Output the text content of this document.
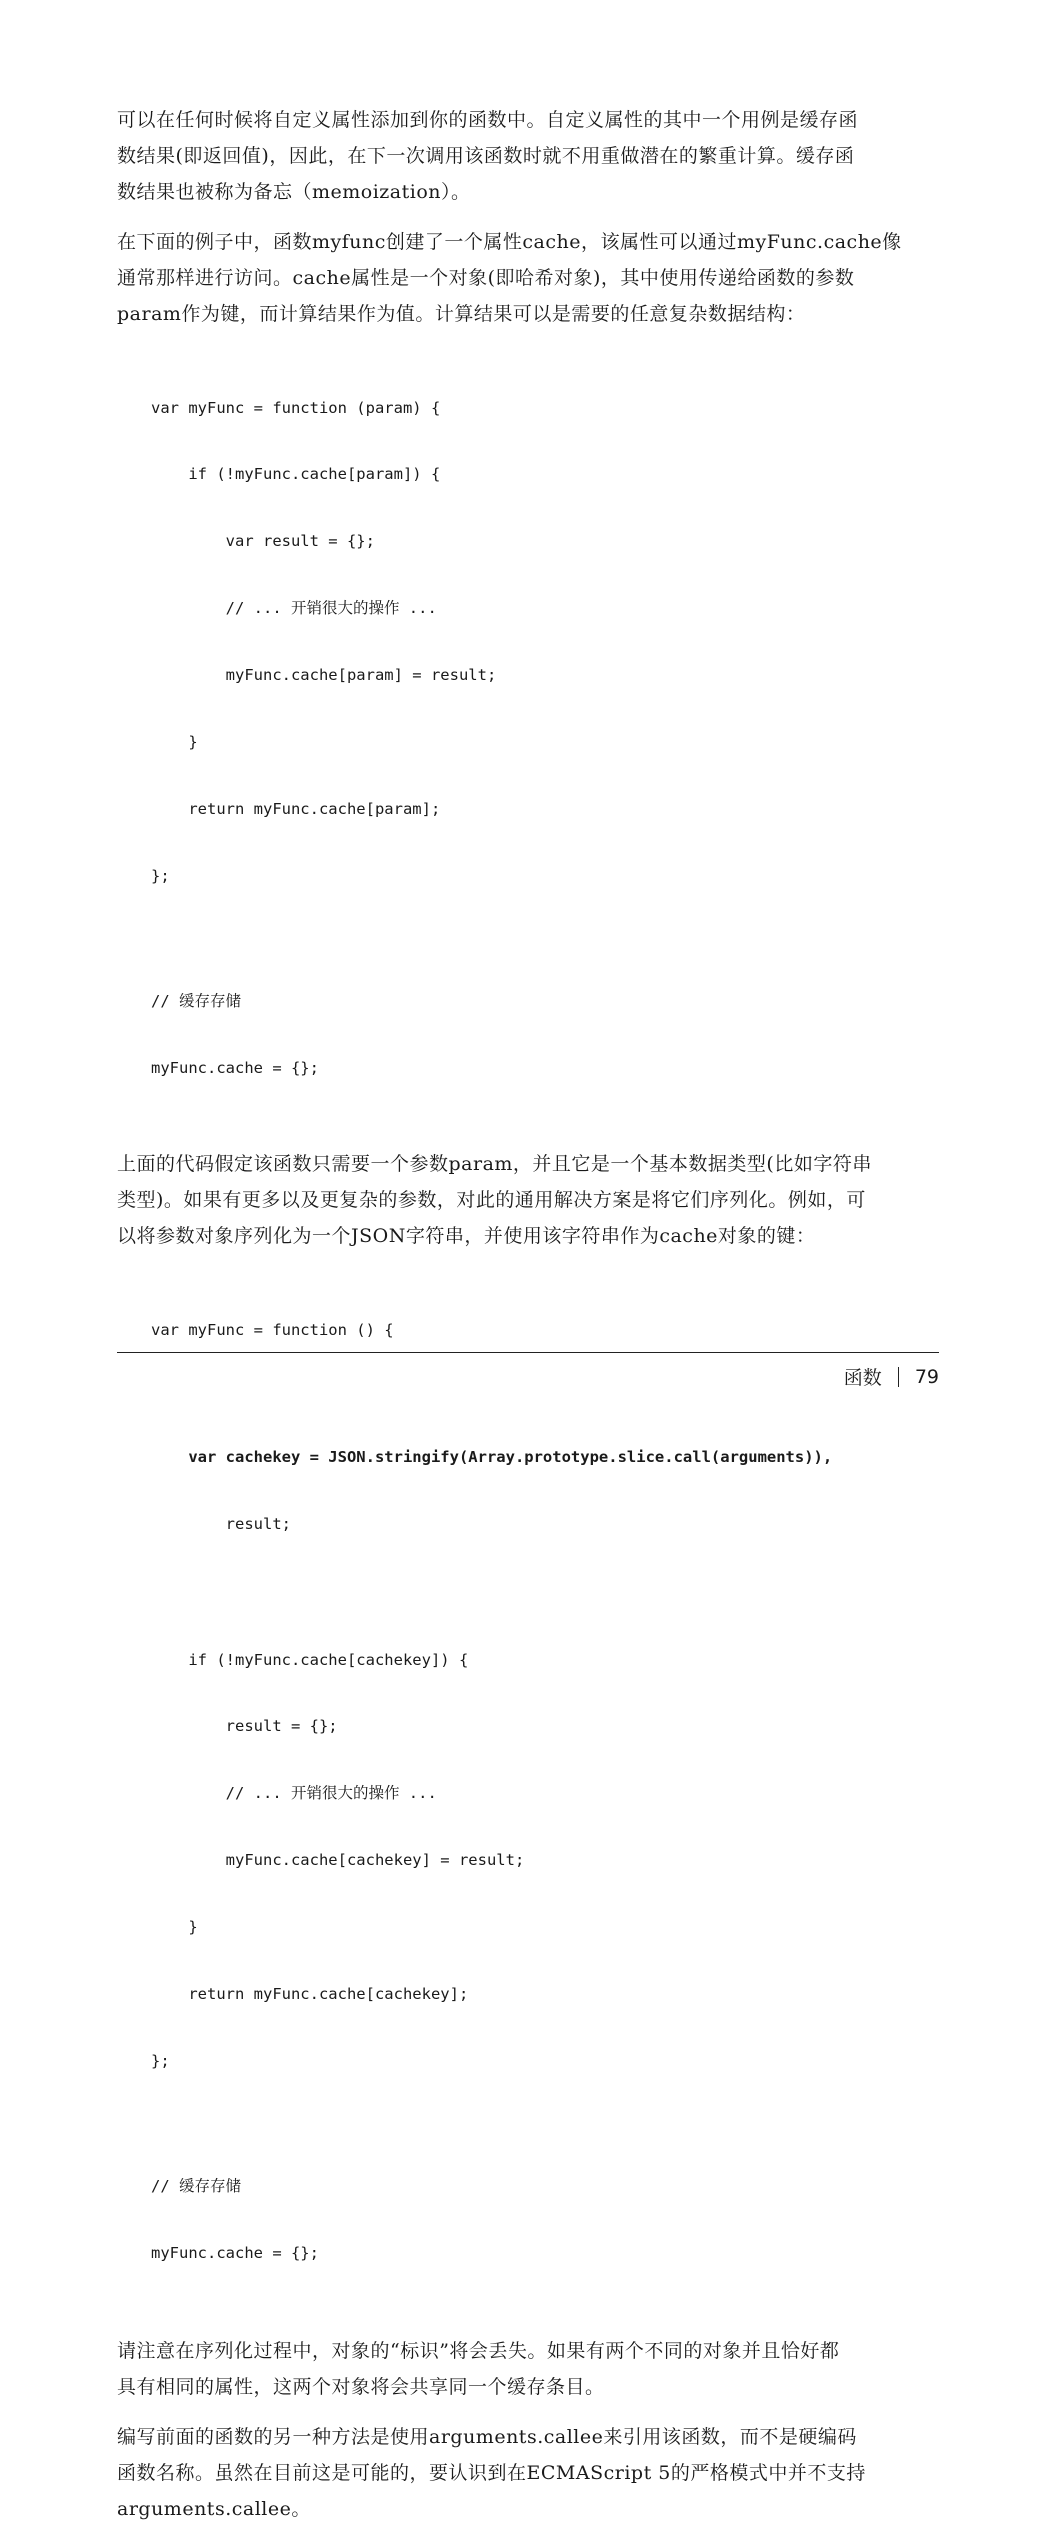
可以在任何时候将自定义属性添加到你的函数中。自定义属性的其中一个用例是缓存函
数结果(即返回值)，因此，在下一次调用该函数时就不用重做潜在的繁重计算。缓存函
数结果也被称为备忘（memoization）。

在下面的例子中，函数myfunc创建了一个属性cache，该属性可以通过myFunc.cache像
通常那样进行访问。cache属性是一个对象(即哈希对象)，其中使用传递给函数的参数
param作为键，而计算结果作为值。计算结果可以是需要的任意复杂数据结构：

var myFunc = function (param) {

if (!myFunc.cache[param]) {

var result = {};

// ... 开销很大的操作 ...

myFunc.cache[param] = result;

}

return myFunc.cache[param];

};

// 缓存存储

myFunc.cache = {};

上面的代码假定该函数只需要一个参数param，并且它是一个基本数据类型(比如字符串
类型)。如果有更多以及更复杂的参数，对此的通用解决方案是将它们序列化。例如，可
以将参数对象序列化为一个JSON字符串，并使用该字符串作为cache对象的键：

var myFunc = function () {

var cachekey = JSON.stringify(Array.prototype.slice.call(arguments)),

result;

if (!myFunc.cache[cachekey]) {

result = {};

// ... 开销很大的操作 ...

myFunc.cache[cachekey] = result;

}

return myFunc.cache[cachekey];

};

// 缓存存储

myFunc.cache = {};

请注意在序列化过程中，对象的“标识”将会丢失。如果有两个不同的对象并且恰好都
具有相同的属性，这两个对象将会共享同一个缓存条目。

编写前面的函数的另一种方法是使用arguments.callee来引用该函数，而不是硬编码
函数名称。虽然在目前这是可能的，要认识到在ECMAScript 5的严格模式中并不支持
arguments.callee。

函数 79
